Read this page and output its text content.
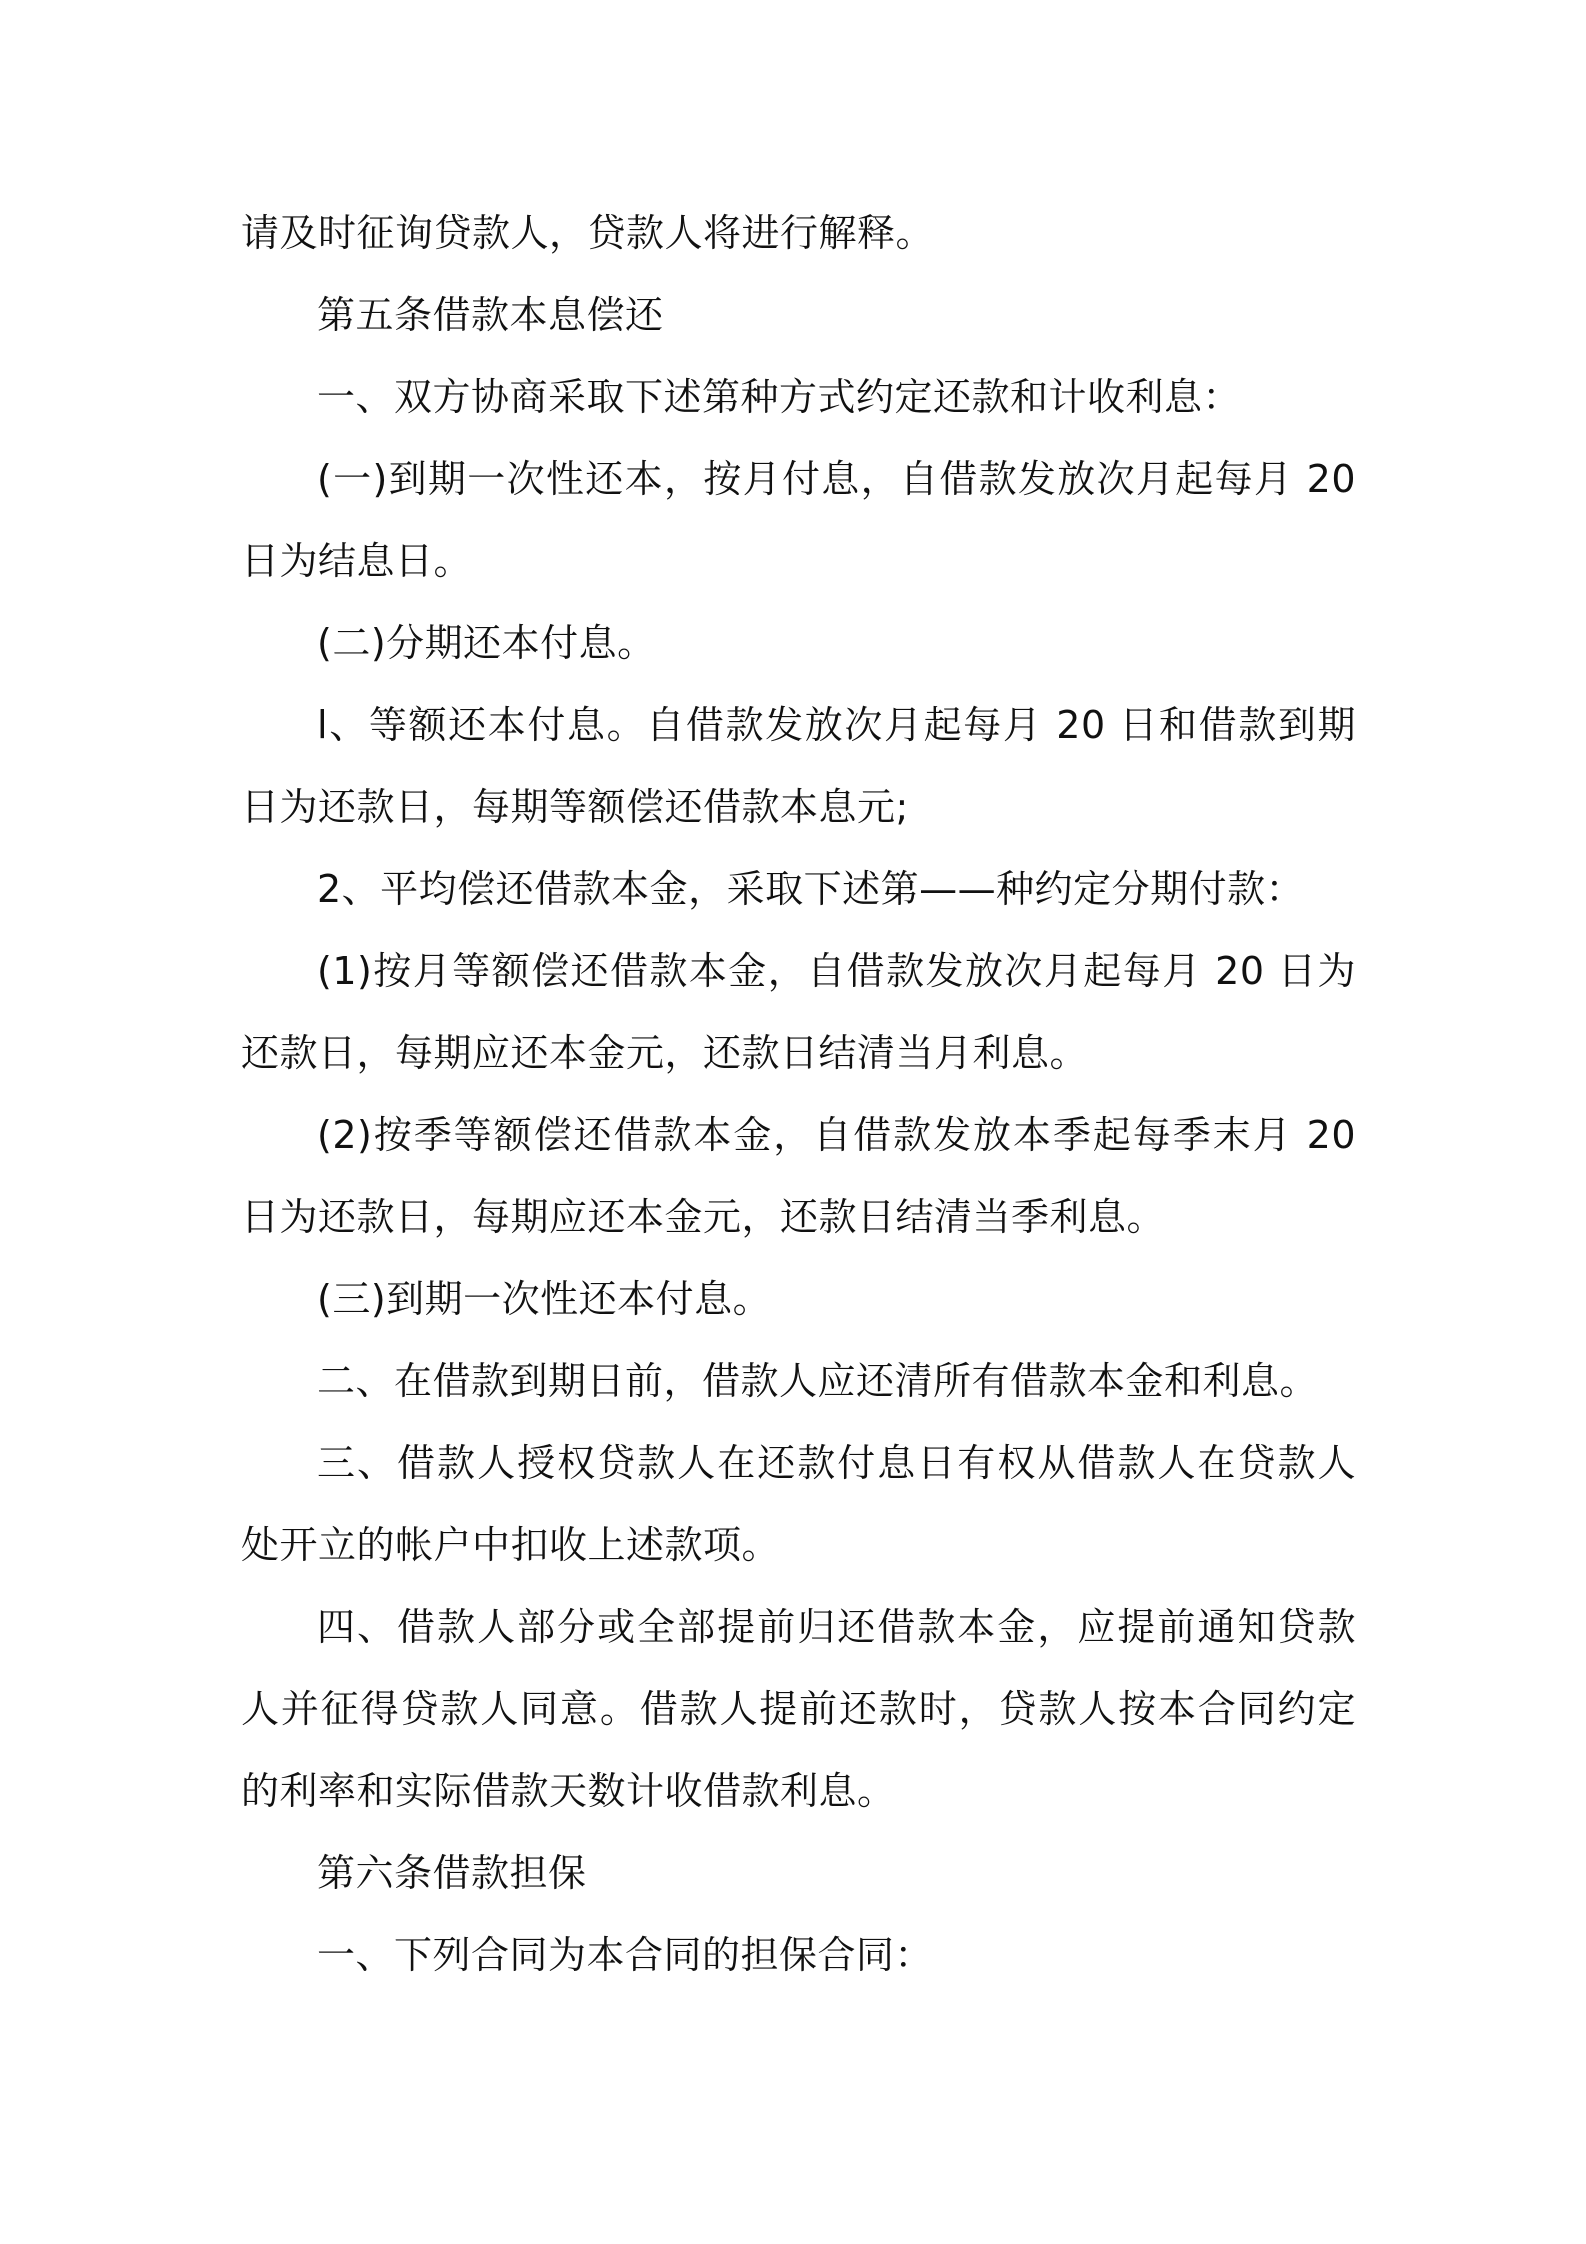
请及时征询贷款人，贷款人将进行解释。

第五条借款本息偿还

一、双方协商采取下述第种方式约定还款和计收利息：

(一)到期一次性还本，按月付息，自借款发放次月起每月 20 日为结息日。

(二)分期还本付息。

l、等额还本付息。自借款发放次月起每月 20 日和借款到期日为还款日，每期等额偿还借款本息元;

2、平均偿还借款本金，采取下述第——种约定分期付款：

(1)按月等额偿还借款本金，自借款发放次月起每月 20 日为还款日，每期应还本金元，还款日结清当月利息。

(2)按季等额偿还借款本金，自借款发放本季起每季末月 20 日为还款日，每期应还本金元，还款日结清当季利息。

(三)到期一次性还本付息。

二、在借款到期日前，借款人应还清所有借款本金和利息。

三、借款人授权贷款人在还款付息日有权从借款人在贷款人处开立的帐户中扣收上述款项。

四、借款人部分或全部提前归还借款本金，应提前通知贷款人并征得贷款人同意。借款人提前还款时，贷款人按本合同约定的利率和实际借款天数计收借款利息。

第六条借款担保

一、下列合同为本合同的担保合同：
